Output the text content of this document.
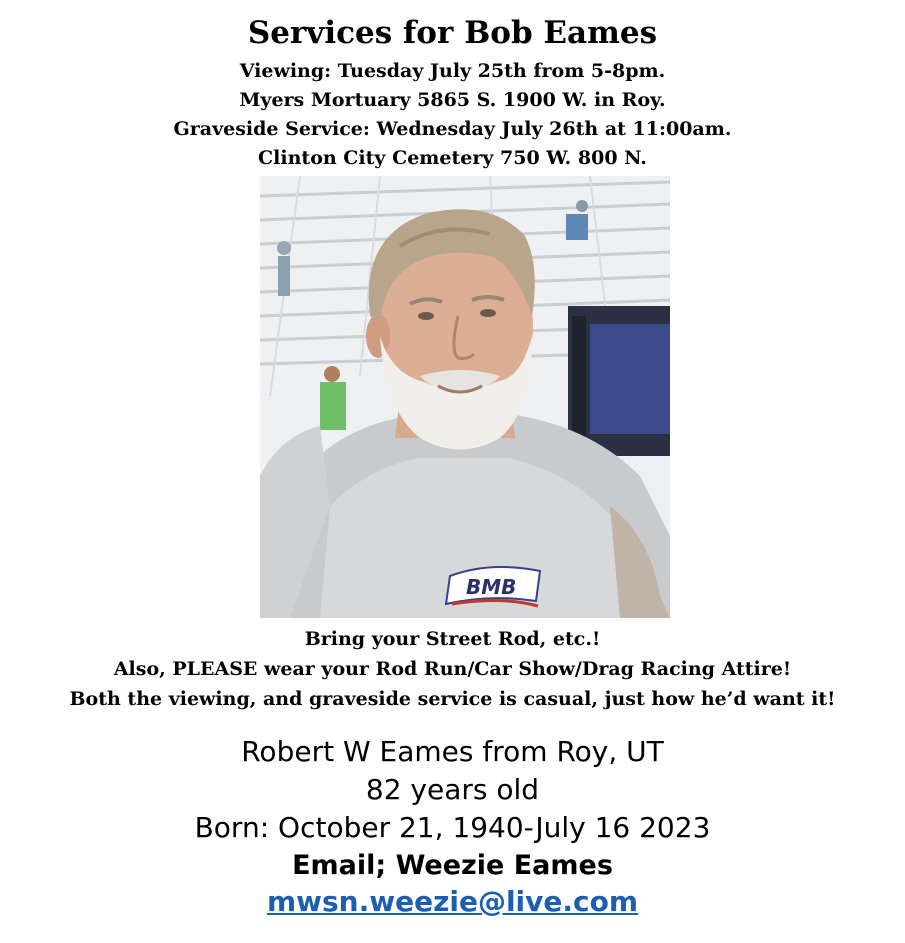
Services for Bob Eames
Viewing: Tuesday July 25th from 5-8pm.
Myers Mortuary 5865 S. 1900 W. in Roy.
Graveside Service: Wednesday July 26th at 11:00am.
Clinton City Cemetery 750 W. 800 N.
BMB
Bring your Street Rod, etc.!
Also, PLEASE wear your Rod Run/Car Show/Drag Racing Attire!
Both the viewing, and graveside service is casual, just how he’d want it!
Robert W Eames from Roy, UT
82 years old
Born: October 21, 1940-July 16 2023
Email; Weezie Eames
mwsn.weezie@live.com
